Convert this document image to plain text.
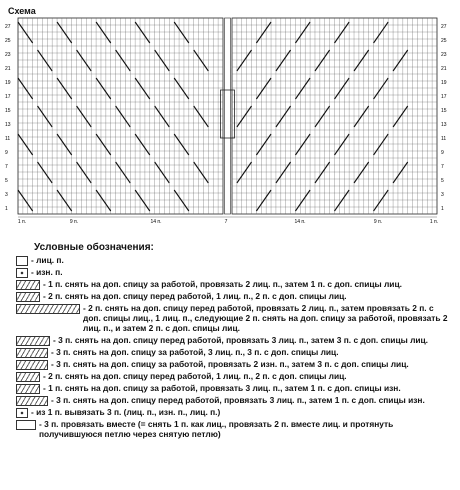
Схема
27
27
25
25
23
23
21
21
19
19
17
17
15
15
13
13
11
11
9
9
7
7
5
5
3
3
1
1
1 п.	9 п.	14 п.	7	14 п.	9 п.	1 п.
Условные обозначения:
- лиц. п.
- изн. п.
- 1 п. снять на доп. спицу за работой, провязать 2 лиц. п., затем 1 п. с доп. спицы лиц.
- 2 п. снять на доп. спицу перед работой, 1 лиц. п., 2 п. с доп. спицы лиц.
- 2 п. снять на доп. спицу перед работой, провязать 2 лиц. п., затем провязать 2 п. с доп. спицы лиц., 1 лиц. п., следующие 2 п. снять на доп. спицу за работой, провязать 2 лиц. п., и затем 2 п. с доп. спицы лиц.
- 3 п. снять на доп. спицу перед работой, провязать 3 лиц. п., затем 3 п. с доп. спицы лиц.
- 3 п. снять на доп. спицу за работой, 3 лиц. п., 3 п. с доп. спицы лиц.
- 3 п. снять на доп. спицу за работой, провязать 2 изн. п., затем 3 п. с доп. спицы лиц.
- 2 п. снять на доп. спицу перед работой, 1 лиц. п., 2 п. с доп. спицы лиц.
- 1 п. снять на доп. спицу за работой, провязать 3 лиц. п., затем 1 п. с доп. спицы изн.
- 3 п. снять на доп. спицу перед работой, провязать 3 лиц. п., затем 1 п. с доп. спицы изн.
- из 1 п. вывязать 3 п. (лиц. п., изн. п., лиц. п.)
- 3 п. провязать вместе (= снять 1 п. как лиц., провязать 2 п. вместе лиц. и протянуть получившуюся петлю через снятую петлю)
